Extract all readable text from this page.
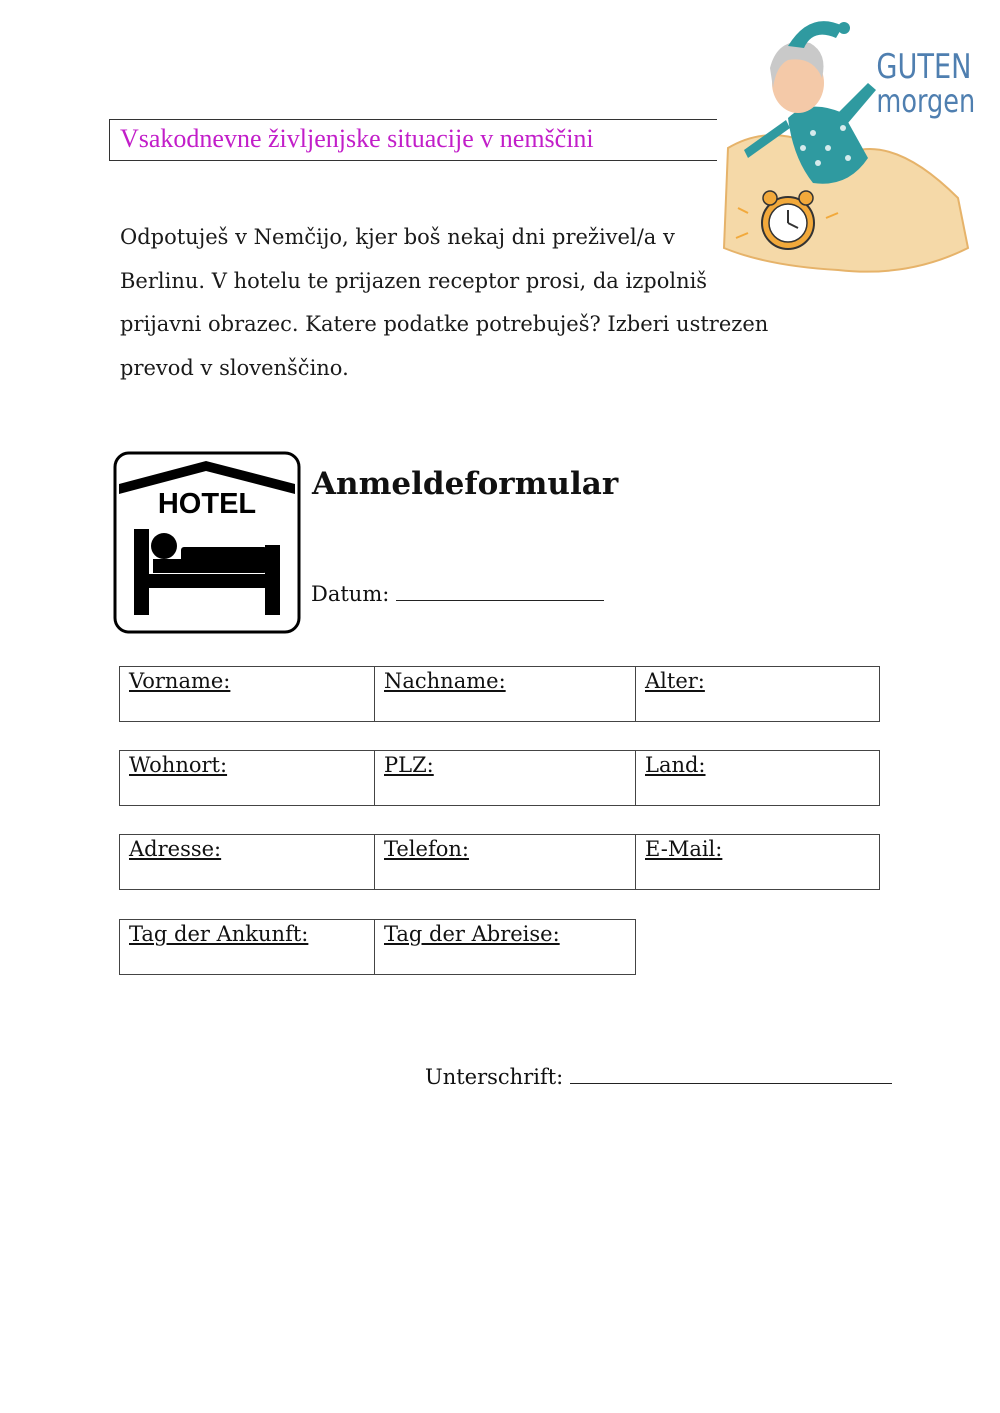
Vsakodnevne življenjske situacije v nemščini
Odpotuješ v Nemčijo, kjer boš nekaj dni preživel/a v
Berlinu. V hotelu te prijazen receptor prosi, da izpolniš
prijavni obrazec. Katere podatke potrebuješ? Izberi ustrezen
prevod v slovenščino.
GUTEN
morgen
HOTEL
Anmeldeformular
Datum:
Vorname:	Nachname:	Alter:
Wohnort:	PLZ:	Land:
Adresse:	Telefon:	E-Mail:
Tag der Ankunft:	Tag der Abreise:
Unterschrift:
